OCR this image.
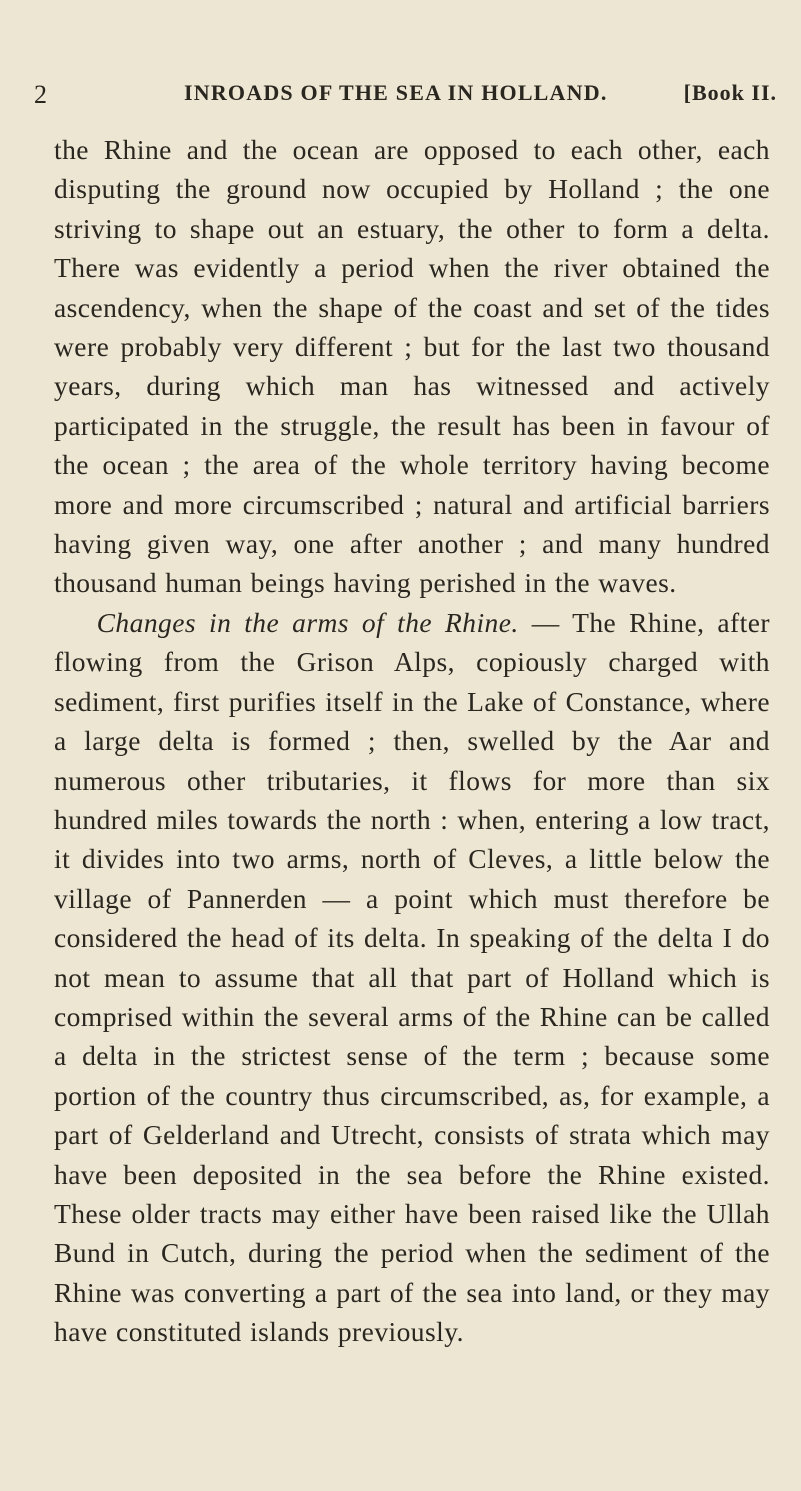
2	INROADS OF THE SEA IN HOLLAND.	[Book II.

the Rhine and the ocean are opposed to each other, each disputing the ground now occupied by Holland ; the one striving to shape out an estuary, the other to form a delta. There was evidently a period when the river obtained the ascendency, when the shape of the coast and set of the tides were probably very different ; but for the last two thousand years, during which man has witnessed and actively participated in the struggle, the result has been in favour of the ocean ; the area of the whole territory having become more and more circumscribed ; natural and artificial barriers having given way, one after another ; and many hundred thousand human beings having perished in the waves.

Changes in the arms of the Rhine. — The Rhine, after flowing from the Grison Alps, copiously charged with sediment, first purifies itself in the Lake of Constance, where a large delta is formed ; then, swelled by the Aar and numerous other tributaries, it flows for more than six hundred miles towards the north : when, entering a low tract, it divides into two arms, north of Cleves, a little below the village of Pannerden — a point which must therefore be considered the head of its delta. In speaking of the delta I do not mean to assume that all that part of Holland which is comprised within the several arms of the Rhine can be called a delta in the strictest sense of the term ; because some portion of the country thus circumscribed, as, for example, a part of Gelderland and Utrecht, consists of strata which may have been deposited in the sea before the Rhine existed. These older tracts may either have been raised like the Ullah Bund in Cutch, during the period when the sediment of the Rhine was converting a part of the sea into land, or they may have constituted islands previously.
